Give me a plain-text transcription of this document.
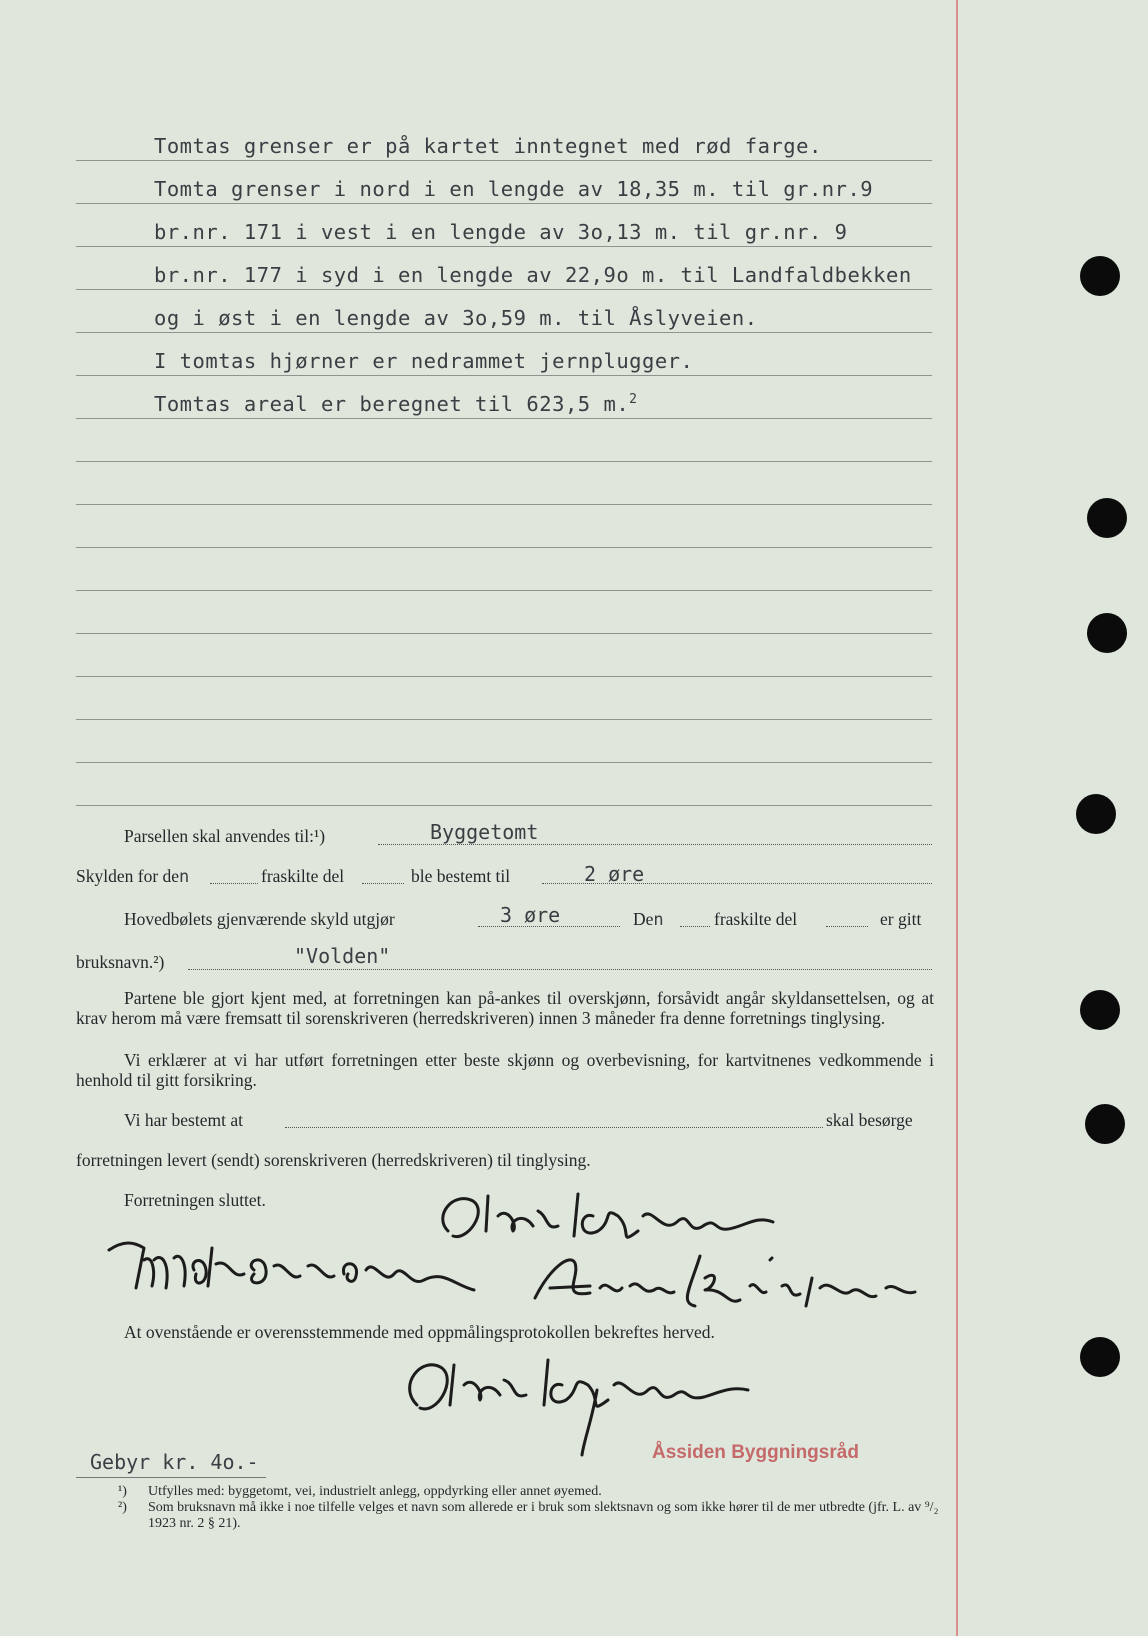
Tomtas grenser er på kartet inntegnet med rød farge.
Tomta grenser i nord i en lengde av 18,35 m. til gr.nr.9
br.nr. 171 i vest i en lengde av 3o,13 m. til gr.nr. 9
br.nr. 177 i syd i en lengde av 22,9o m. til Landfaldbekken
og i øst i en lengde av 3o,59 m. til Åslyveien.
I tomtas hjørner er nedrammet jernplugger.
Tomtas areal er beregnet til 623,5 m.$^2$
Parsellen skal anvendes til:¹)	Byggetomt
Skylden for den	fraskilte del	ble bestemt til	2 øre
Hovedbølets gjenværende skyld utgjør	3 øre	Den	fraskilte del	er gitt
bruksnavn.²)	"Volden"
Partene ble gjort kjent med, at forretningen kan på-ankes til overskjønn, forsåvidt angår skyldansettelsen, og at krav herom må være fremsatt til sorenskriveren (herredskriveren) innen 3 måneder fra denne forretnings tinglysing.
Vi erklærer at vi har utført forretningen etter beste skjønn og overbevisning, for kartvitnenes vedkommende i henhold til gitt forsikring.
Vi har bestemt at	skal besørge
forretningen levert (sendt) sorenskriveren (herredskriveren) til tinglysing.
Forretningen sluttet.
At ovenstående er overensstemmende med oppmålingsprotokollen bekreftes herved.
Gebyr kr. 4o.-	Åssiden Byggningsråd
¹) Utfylles med: byggetomt, vei, industrielt anlegg, oppdyrking eller annet øyemed.
²) Som bruksnavn må ikke i noe tilfelle velges et navn som allerede er i bruk som slektsnavn og som ikke hører til de mer utbredte (jfr. L. av ⁹/₂ 1923 nr. 2 § 21).
